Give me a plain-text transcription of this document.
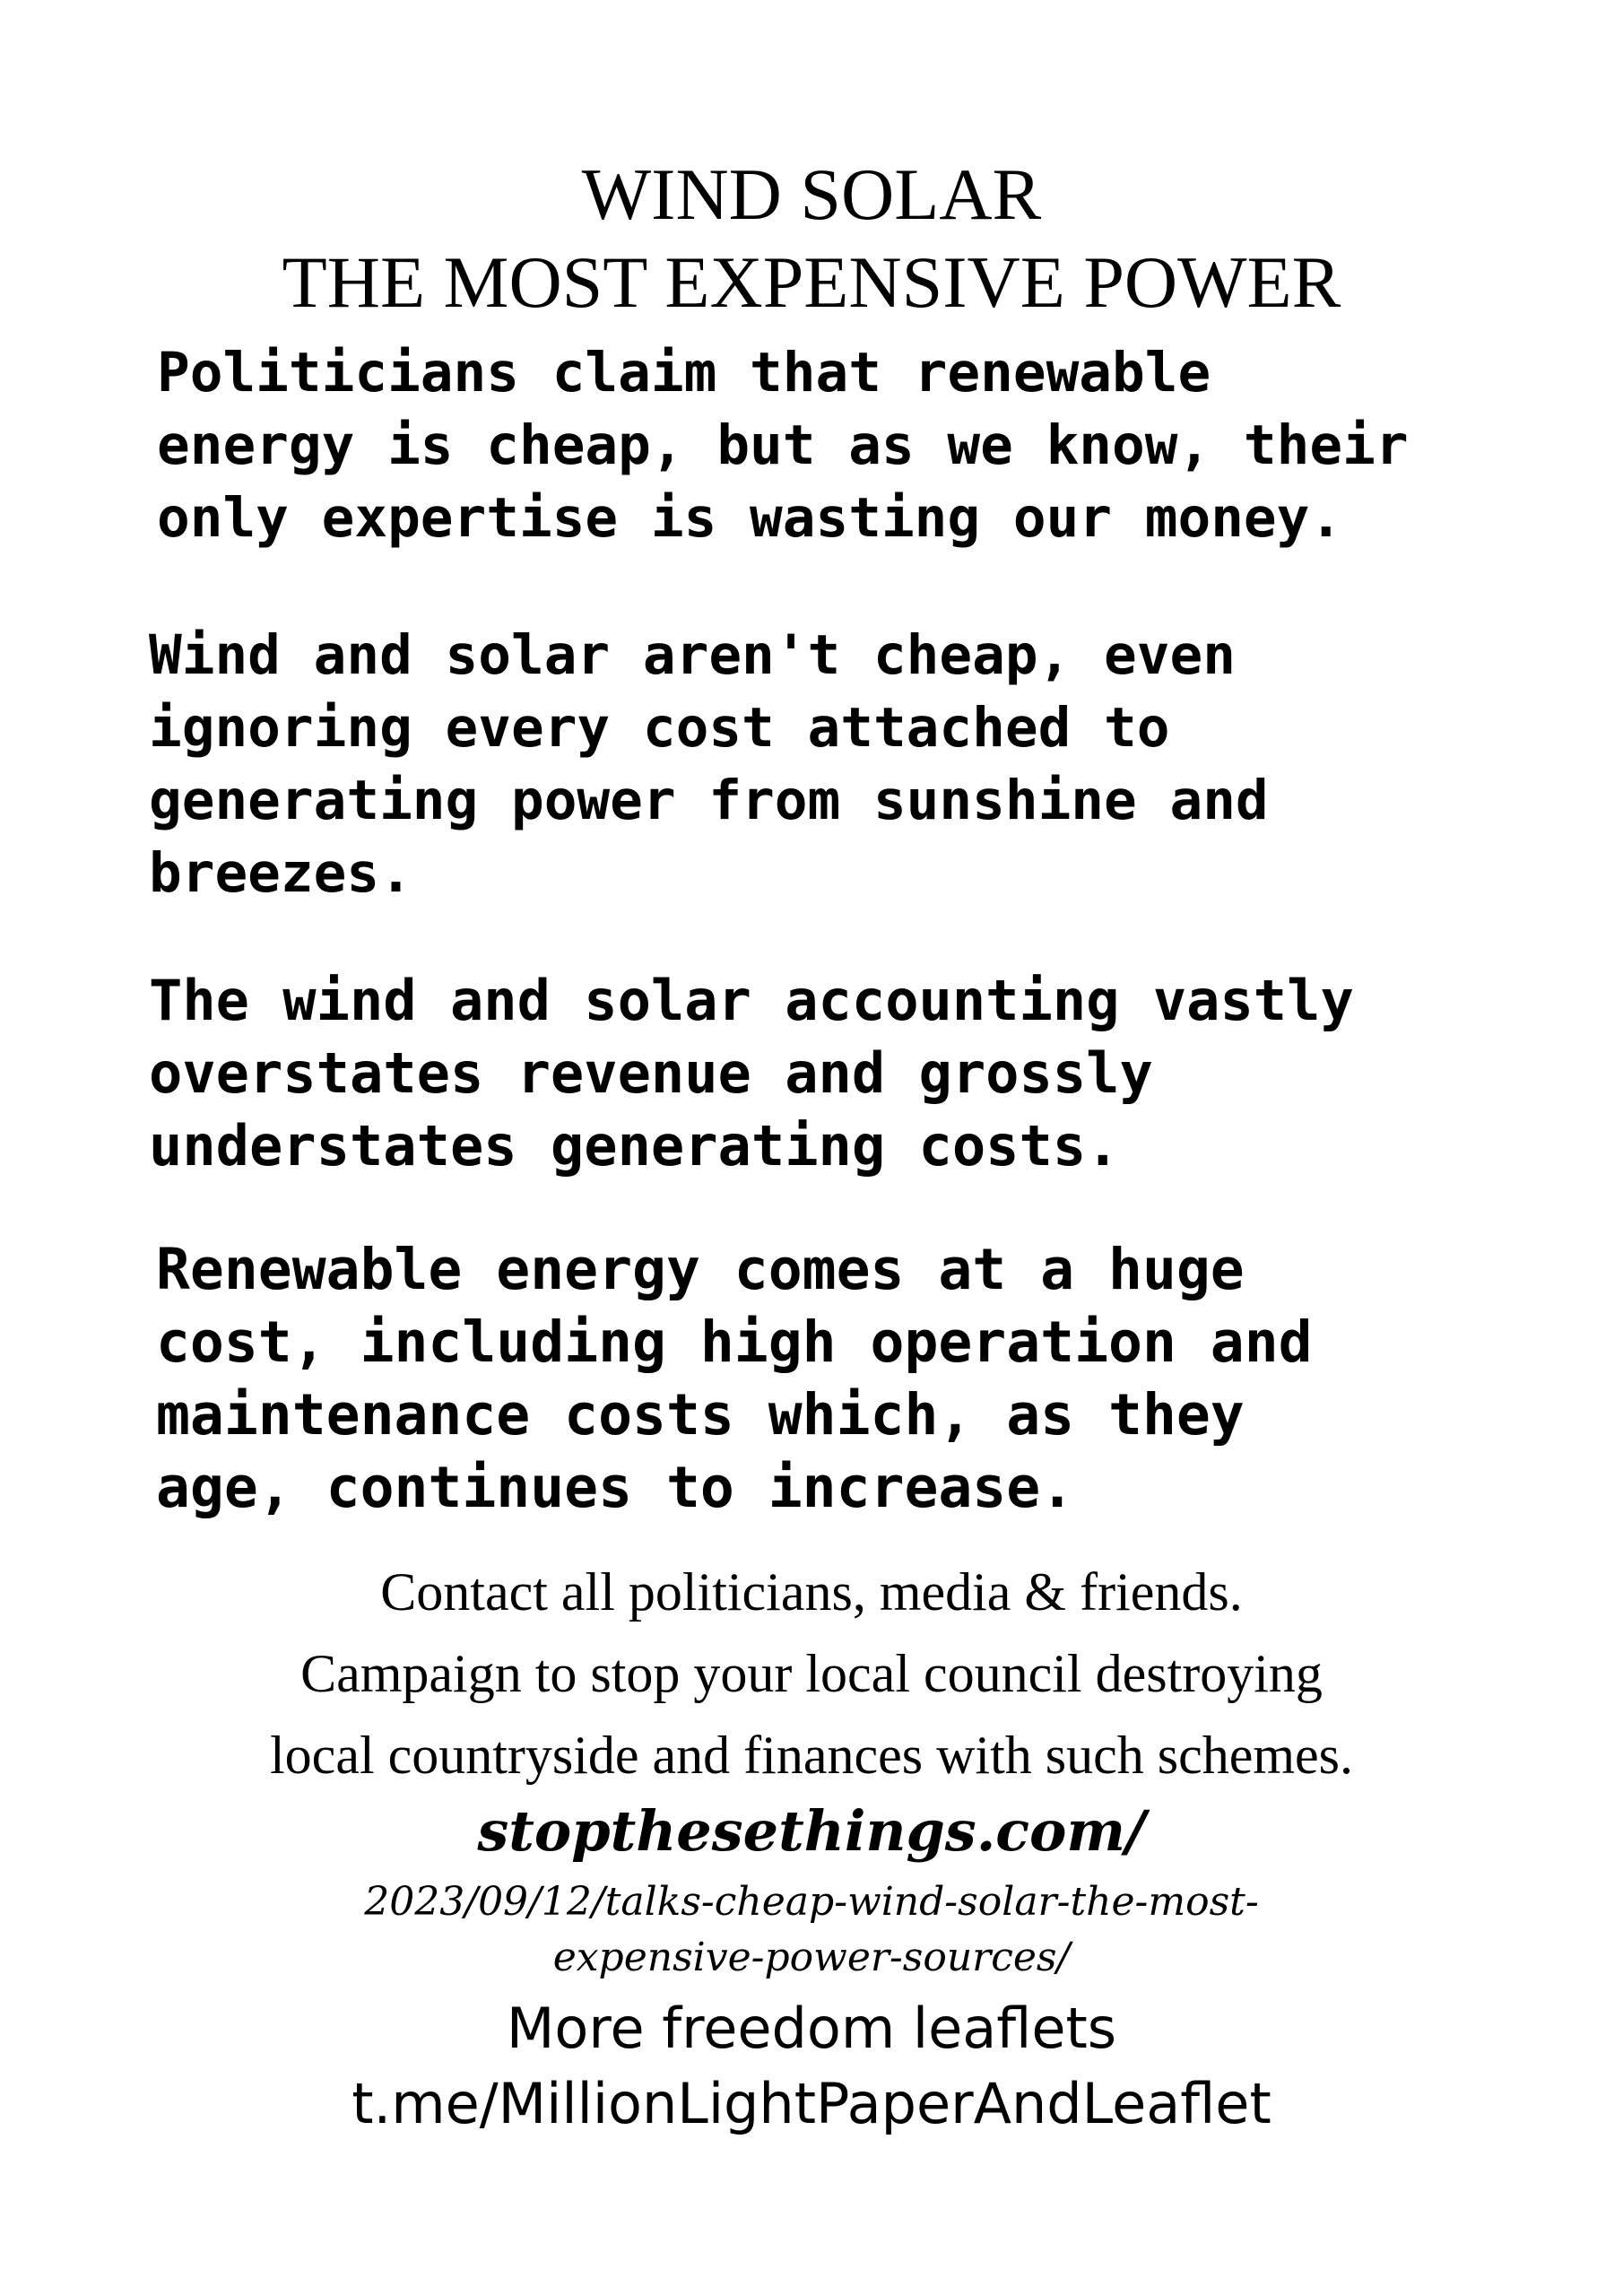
WIND SOLAR
THE MOST EXPENSIVE POWER
Politicians claim that renewable
energy is cheap, but as we know, their
only expertise is wasting our money.
Wind and solar aren't cheap, even
ignoring every cost attached to
generating power from sunshine and
breezes.
The wind and solar accounting vastly
overstates revenue and grossly
understates generating costs.
Renewable energy comes at a huge
cost, including high operation and
maintenance costs which, as they
age, continues to increase.
Contact all politicians, media & friends.
Campaign to stop your local council destroying
local countryside and finances with such schemes.
stopthesethings.com/
2023/09/12/talks-cheap-wind-solar-the-most-
expensive-power-sources/
More freedom leaflets
t.me/MillionLightPaperAndLeaflet
